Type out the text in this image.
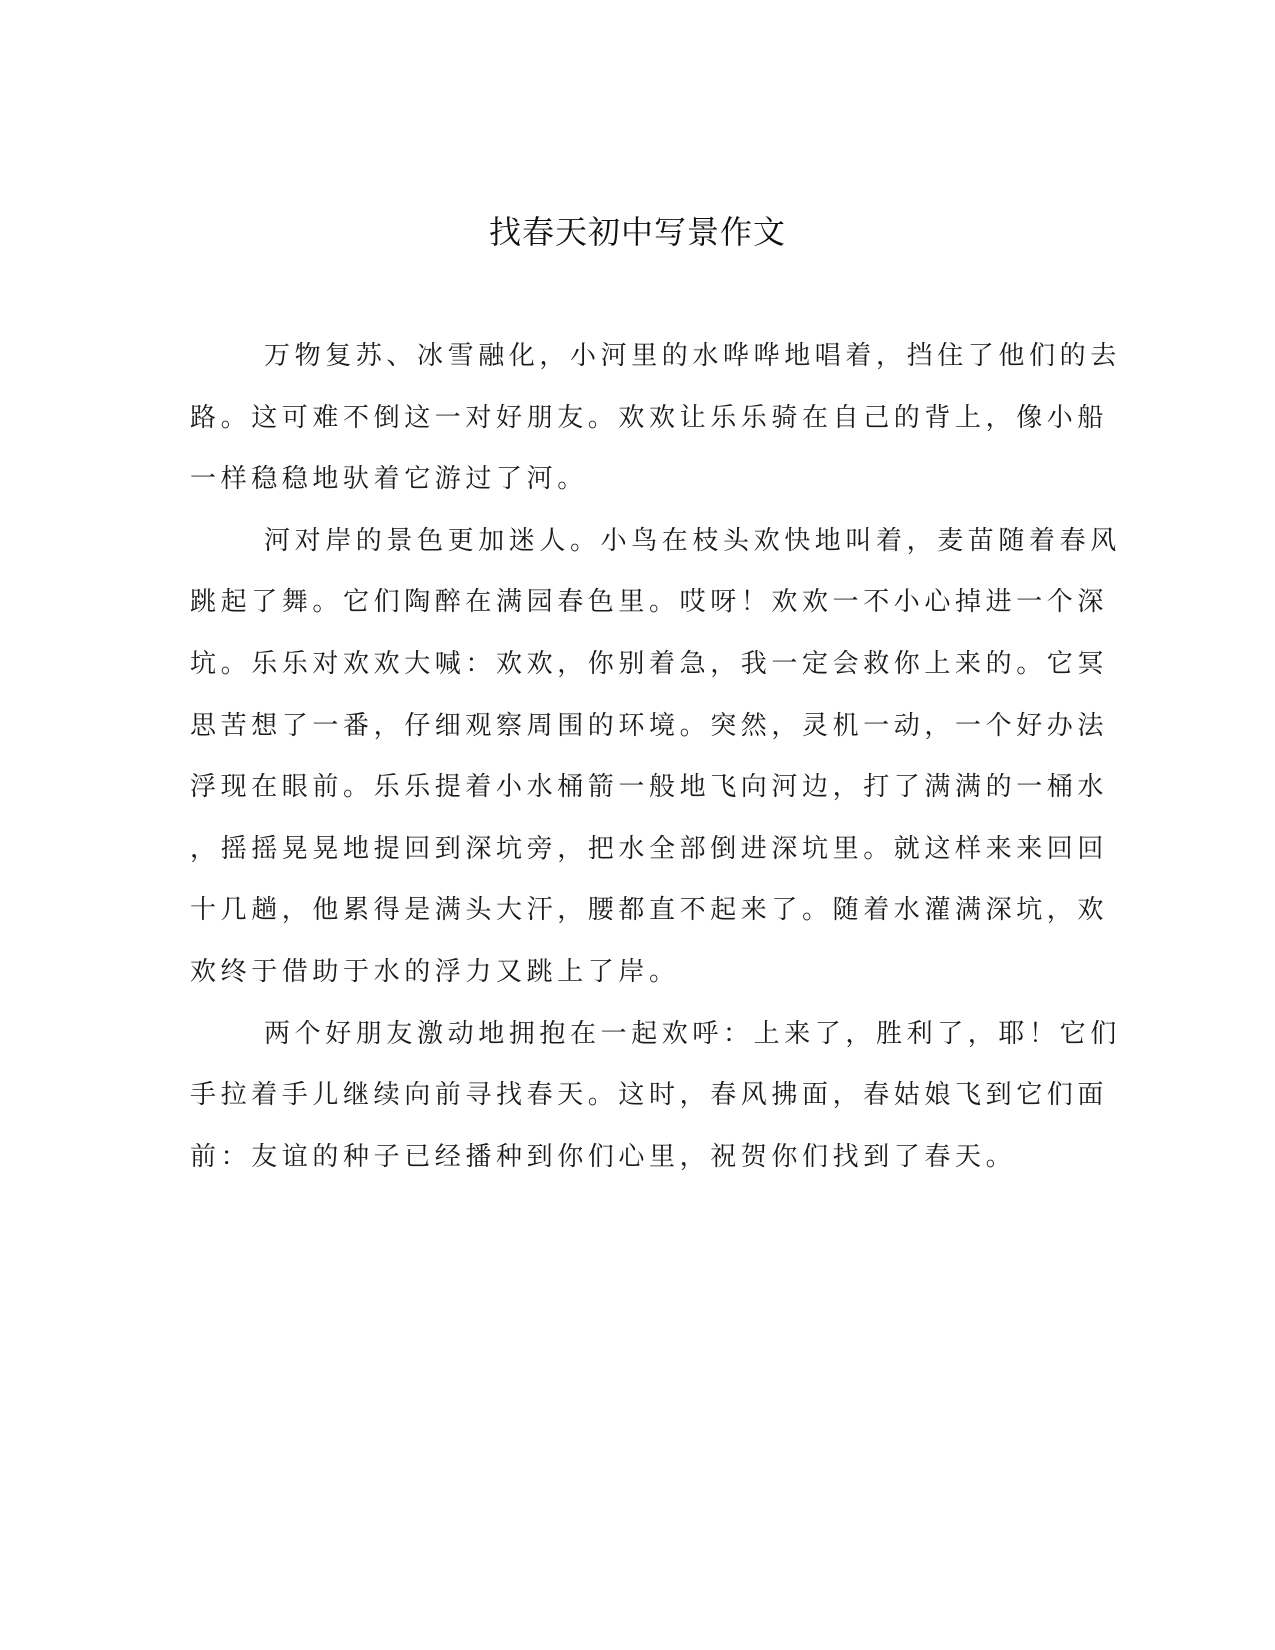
找春天初中写景作文
万物复苏、冰雪融化，小河里的水哗哗地唱着，挡住了他们的去
路。这可难不倒这一对好朋友。欢欢让乐乐骑在自己的背上，像小船
一样稳稳地驮着它游过了河。
河对岸的景色更加迷人。小鸟在枝头欢快地叫着，麦苗随着春风
跳起了舞。它们陶醉在满园春色里。哎呀！欢欢一不小心掉进一个深
坑。乐乐对欢欢大喊：欢欢，你别着急，我一定会救你上来的。它冥
思苦想了一番，仔细观察周围的环境。突然，灵机一动，一个好办法
浮现在眼前。乐乐提着小水桶箭一般地飞向河边，打了满满的一桶水
，摇摇晃晃地提回到深坑旁，把水全部倒进深坑里。就这样来来回回
十几趟，他累得是满头大汗，腰都直不起来了。随着水灌满深坑，欢
欢终于借助于水的浮力又跳上了岸。
两个好朋友激动地拥抱在一起欢呼：上来了，胜利了，耶！它们
手拉着手儿继续向前寻找春天。这时，春风拂面，春姑娘飞到它们面
前：友谊的种子已经播种到你们心里，祝贺你们找到了春天。
